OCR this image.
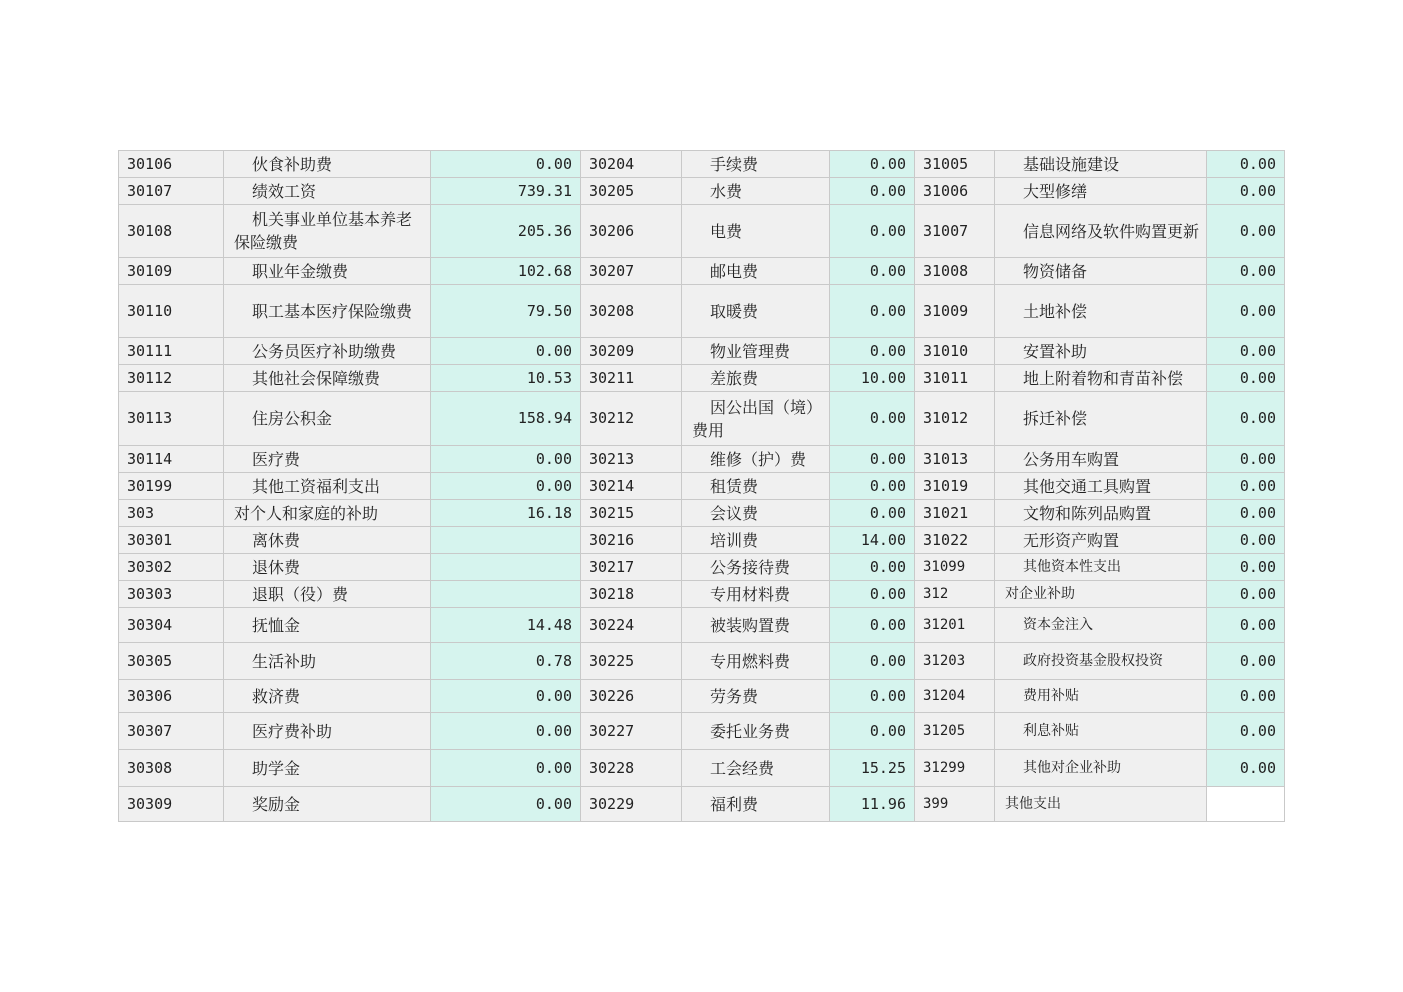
30106	伙食补助费	0.00	30204	手续费	0.00	31005	基础设施建设	0.00
30107	绩效工资	739.31	30205	水费	0.00	31006	大型修缮	0.00
30108	机关事业单位基本养老保险缴费	205.36	30206	电费	0.00	31007	信息网络及软件购置更新	0.00
30109	职业年金缴费	102.68	30207	邮电费	0.00	31008	物资储备	0.00
30110	职工基本医疗保险缴费	79.50	30208	取暖费	0.00	31009	土地补偿	0.00
30111	公务员医疗补助缴费	0.00	30209	物业管理费	0.00	31010	安置补助	0.00
30112	其他社会保障缴费	10.53	30211	差旅费	10.00	31011	地上附着物和青苗补偿	0.00
30113	住房公积金	158.94	30212	因公出国（境）费用	0.00	31012	拆迁补偿	0.00
30114	医疗费	0.00	30213	维修（护）费	0.00	31013	公务用车购置	0.00
30199	其他工资福利支出	0.00	30214	租赁费	0.00	31019	其他交通工具购置	0.00
303	对个人和家庭的补助	16.18	30215	会议费	0.00	31021	文物和陈列品购置	0.00
30301	离休费		30216	培训费	14.00	31022	无形资产购置	0.00
30302	退休费		30217	公务接待费	0.00	31099	其他资本性支出	0.00
30303	退职（役）费		30218	专用材料费	0.00	312	对企业补助	0.00
30304	抚恤金	14.48	30224	被装购置费	0.00	31201	资本金注入	0.00
30305	生活补助	0.78	30225	专用燃料费	0.00	31203	政府投资基金股权投资	0.00
30306	救济费	0.00	30226	劳务费	0.00	31204	费用补贴	0.00
30307	医疗费补助	0.00	30227	委托业务费	0.00	31205	利息补贴	0.00
30308	助学金	0.00	30228	工会经费	15.25	31299	其他对企业补助	0.00
30309	奖励金	0.00	30229	福利费	11.96	399	其他支出	
